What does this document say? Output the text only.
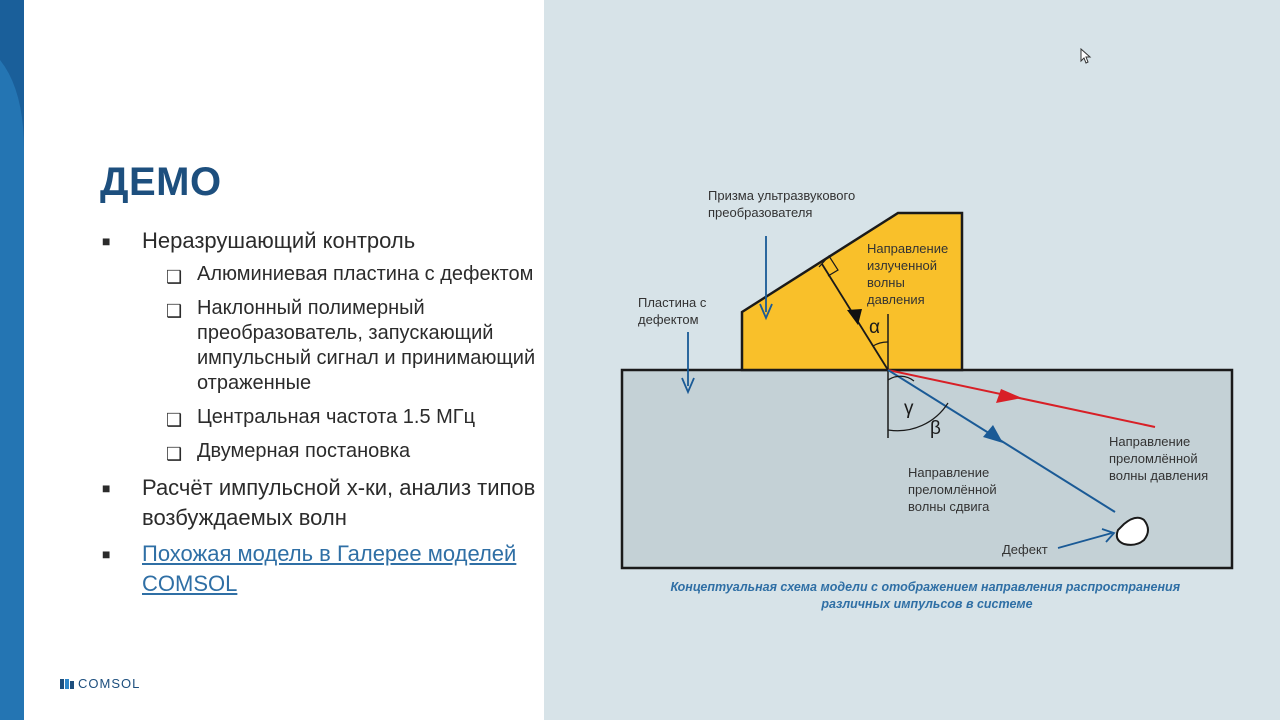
ДЕМО
■ Неразрушающий контроль
❑ Алюминиевая пластина с дефектом
❑ Наклонный полимерный преобразователь, запускающий импульсный сигнал и принимающий отраженные
❑ Центральная частота 1.5 МГц
❑ Двумерная постановка
■ Расчёт импульсной х-ки, анализ типов возбуждаемых волн
■ Похожая модель в Галерее моделей COMSOL
COMSOL
Призма ультразвукового преобразователя
Пластина с дефектом
Направление излученной волны давления
Направление преломлённой волны давления
Направление преломлённой волны сдвига
Дефект
α
γ
β
Концептуальная схема модели с отображением направления распространения различных импульсов в системе
